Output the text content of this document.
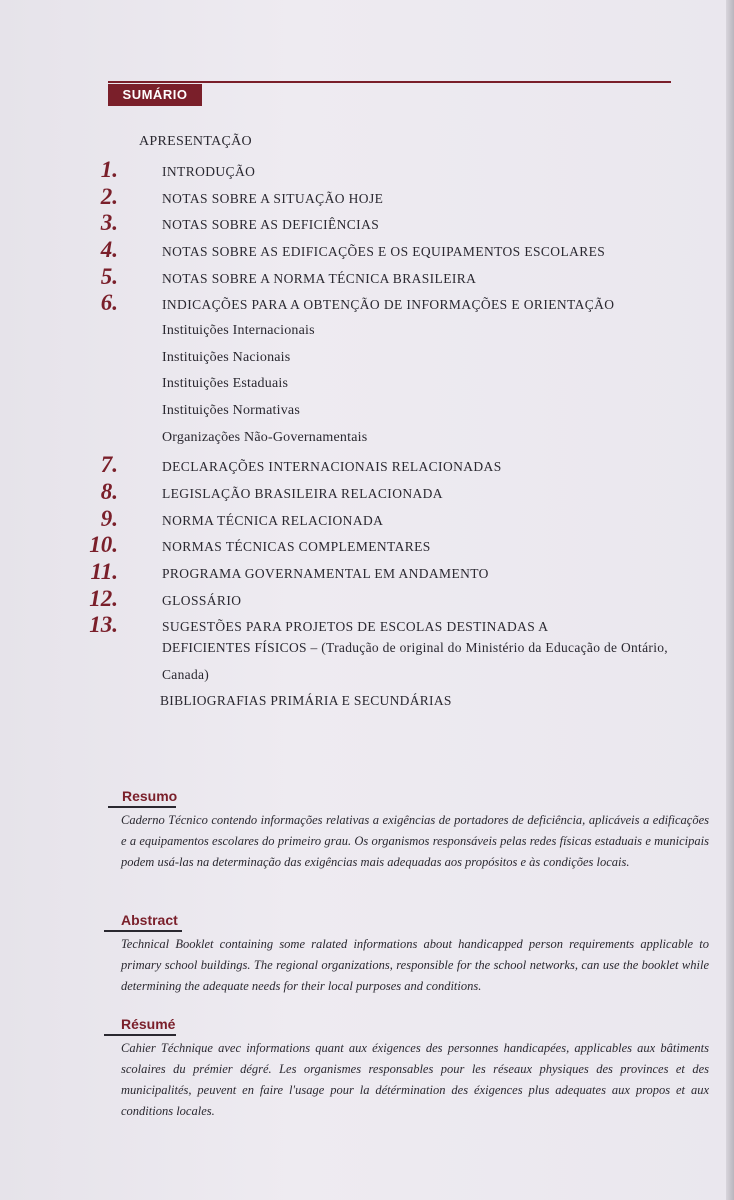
SUMÁRIO
APRESENTAÇÃO
1.	INTRODUÇÃO
2.	NOTAS SOBRE A SITUAÇÃO HOJE
3.	NOTAS SOBRE AS DEFICIÊNCIAS
4.	NOTAS SOBRE AS EDIFICAÇÕES E OS EQUIPAMENTOS ESCOLARES
5.	NOTAS SOBRE A NORMA TÉCNICA BRASILEIRA
6.	INDICAÇÕES PARA A OBTENÇÃO DE INFORMAÇÕES E ORIENTAÇÃO
Instituições Internacionais
Instituições Nacionais
Instituições Estaduais
Instituições Normativas
Organizações Não-Governamentais
7.	DECLARAÇÕES INTERNACIONAIS RELACIONADAS
8.	LEGISLAÇÃO BRASILEIRA RELACIONADA
9.	NORMA TÉCNICA RELACIONADA
10.	NORMAS TÉCNICAS COMPLEMENTARES
11.	PROGRAMA GOVERNAMENTAL EM ANDAMENTO
12.	GLOSSÁRIO
13.	SUGESTÕES PARA PROJETOS DE ESCOLAS DESTINADAS A
DEFICIENTES FÍSICOS – (Tradução de original do Ministério da Educação de Ontário,
Canada)
BIBLIOGRAFIAS PRIMÁRIA E SECUNDÁRIAS
Resumo
Caderno Técnico contendo informações relativas a exigências de portadores de deficiência, aplicáveis a edificações e a equipamentos escolares do primeiro grau. Os organismos responsáveis pelas redes físicas estaduais e municipais podem usá-las na determinação das exigências mais adequadas aos propósitos e às condições locais.
Abstract
Technical Booklet containing some ralated informations about handicapped person requirements applicable to primary school buildings. The regional organizations, responsible for the school networks, can use the booklet while determining the adequate needs for their local purposes and conditions.
Résumé
Cahier Téchnique avec informations quant aux éxigences des personnes handicapées, applicables aux bâtiments scolaires du prémier dégré. Les organismes responsables pour les réseaux physiques des provinces et des municipalités, peuvent en faire l'usage pour la détérmination des éxigences plus adequates aux propos et aux conditions locales.
